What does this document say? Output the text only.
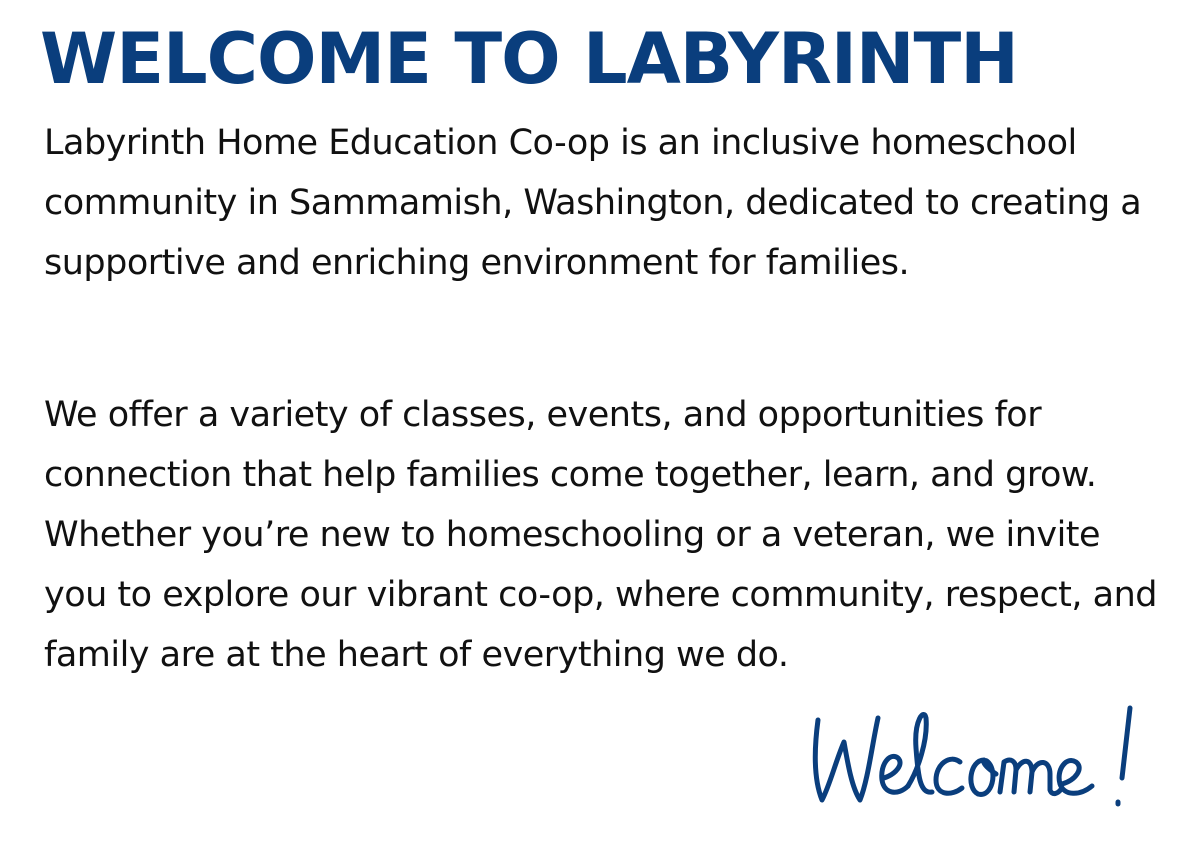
WELCOME TO LABYRINTH

Labyrinth Home Education Co-op is an inclusive homeschool community in Sammamish, Washington, dedicated to creating a supportive and enriching environment for families.

We offer a variety of classes, events, and opportunities for connection that help families come together, learn, and grow. Whether you’re new to homeschooling or a veteran, we invite you to explore our vibrant co-op, where community, respect, and family are at the heart of everything we do.
